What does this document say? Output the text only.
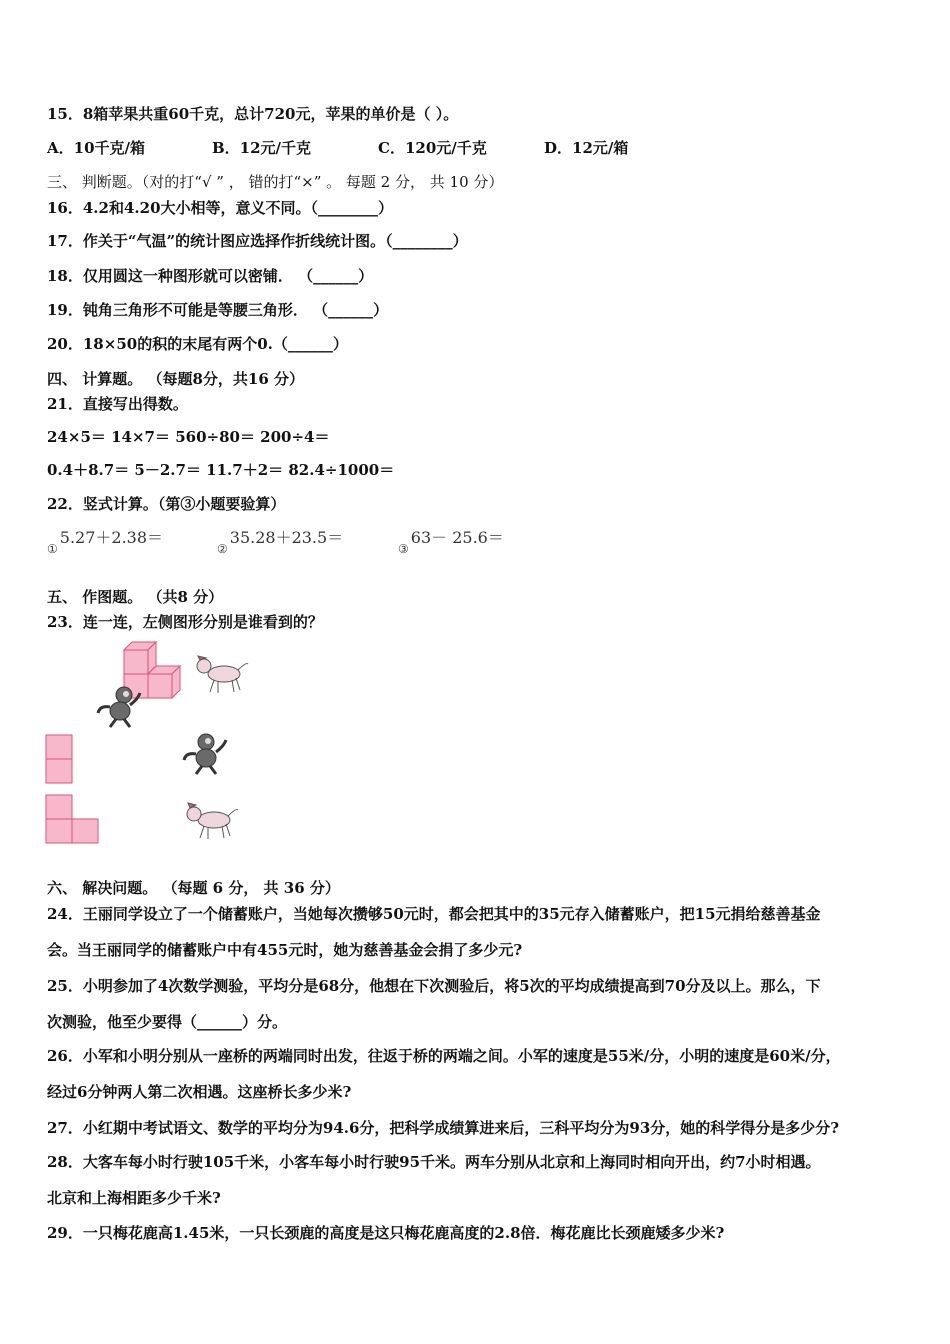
15．8箱苹果共重60千克，总计720元，苹果的单价是（ ）。
A．10千克/箱	B．12元/千克	C．120元/千克	D．12元/箱
三、 判断题。（对的打“√ ” ， 错的打“×” 。 每题 2 分， 共 10 分）
16．4.2和4.20大小相等，意义不同。（________）
17．作关于“气温”的统计图应选择作折线统计图。（________）
18．仅用圆这一种图形就可以密铺． （______）
19．钝角三角形不可能是等腰三角形． （______）
20．18×50的积的末尾有两个0.（______）
四、 计算题。 （每题8分，共16 分）
21．直接写出得数。
24×5＝ 14×7＝ 560÷80＝ 200÷4＝
0.4＋8.7＝ 5－2.7＝ 11.7＋2＝ 82.4÷1000＝
22．竖式计算。（第③小题要验算）
$_①$5.27＋2.38＝
$_②$35.28＋23.5＝
$_③$63－ 25.6＝
五、 作图题。 （共8 分）
23．连一连，左侧图形分别是谁看到的？
六、 解决问题。 （每题 6 分， 共 36 分）
24．王丽同学设立了一个储蓄账户，当她每次攒够50元时，都会把其中的35元存入储蓄账户，把15元捐给慈善基金
会。当王丽同学的储蓄账户中有455元时，她为慈善基金会捐了多少元?
25．小明参加了4次数学测验，平均分是68分，他想在下次测验后，将5次的平均成绩提高到70分及以上。那么，下
次测验，他至少要得（______）分。
26．小军和小明分别从一座桥的两端同时出发，往返于桥的两端之间。小军的速度是55米/分，小明的速度是60米/分，
经过6分钟两人第二次相遇。这座桥长多少米?
27．小红期中考试语文、数学的平均分为94.6分，把科学成绩算进来后，三科平均分为93分，她的科学得分是多少分?
28．大客车每小时行驶105千米，小客车每小时行驶95千米。两车分别从北京和上海同时相向开出，约7小时相遇。
北京和上海相距多少千米?
29．一只梅花鹿高1.45米，一只长颈鹿的高度是这只梅花鹿高度的2.8倍．梅花鹿比长颈鹿矮多少米?
